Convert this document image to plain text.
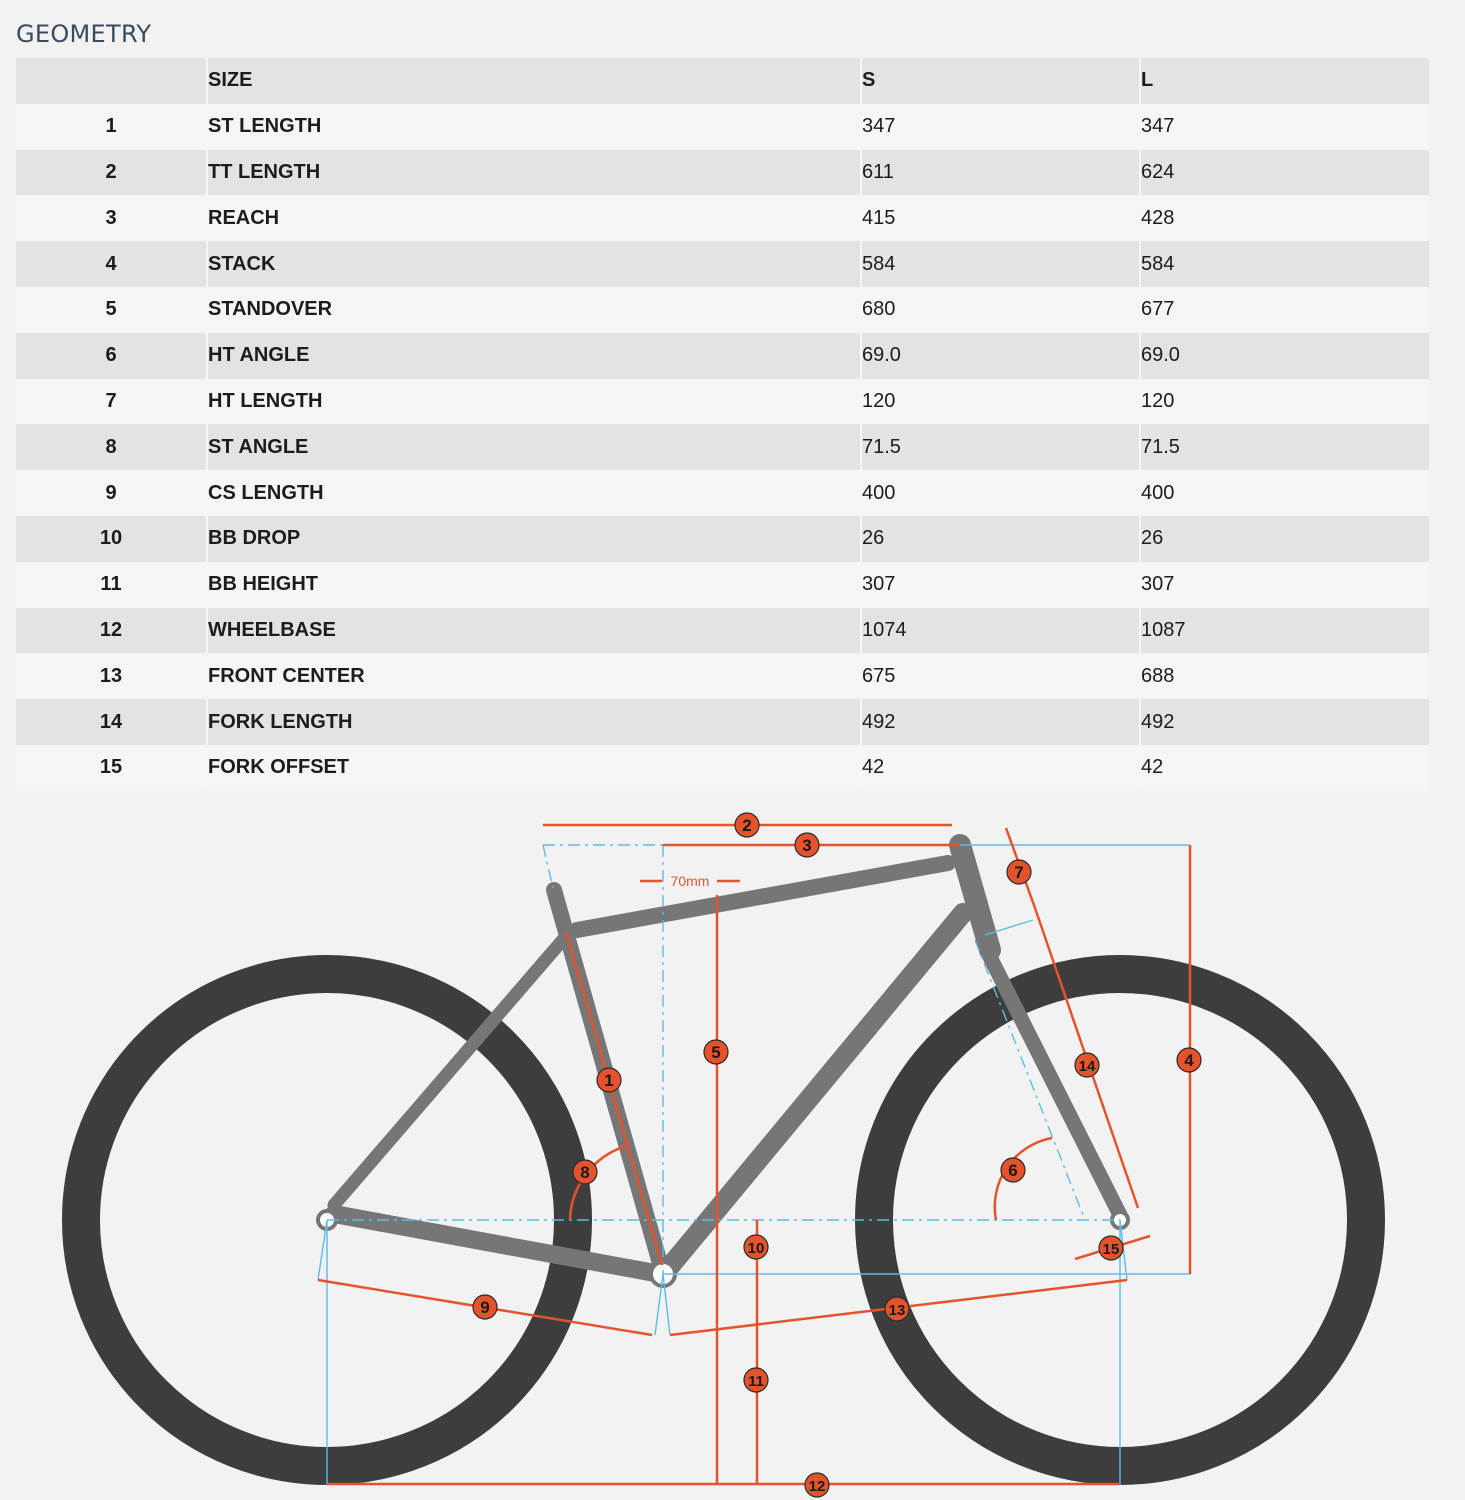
GEOMETRY
	SIZE	S	L
1	ST LENGTH	347	347
2	TT LENGTH	611	624
3	REACH	415	428
4	STACK	584	584
5	STANDOVER	680	677
6	HT ANGLE	69.0	69.0
7	HT LENGTH	120	120
8	ST ANGLE	71.5	71.5
9	CS LENGTH	400	400
10	BB DROP	26	26
11	BB HEIGHT	307	307
12	WHEELBASE	1074	1087
13	FRONT CENTER	675	688
14	FORK LENGTH	492	492
15	FORK OFFSET	42	42
70mm
1
2
3
4
5
6
7
8
9
10
11
12
13
14
15
